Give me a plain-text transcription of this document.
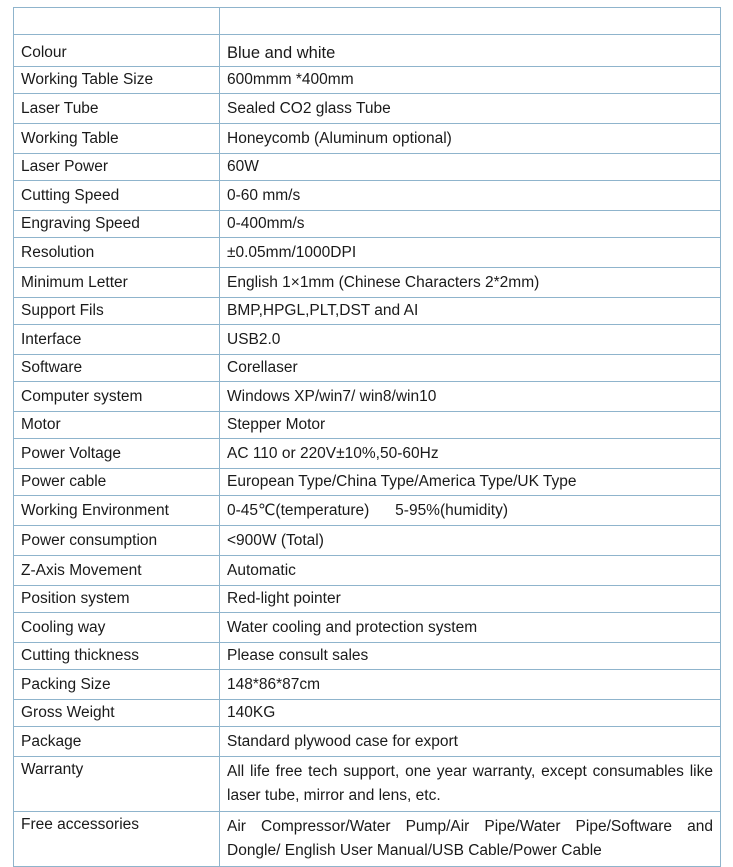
Colour	Blue and white
Working Table Size	600mmm *400mm
Laser Tube	Sealed CO2 glass Tube
Working Table	Honeycomb (Aluminum optional)
Laser Power	60W
Cutting Speed	0-60 mm/s
Engraving Speed	0-400mm/s
Resolution	±0.05mm/1000DPI
Minimum Letter	English 1×1mm (Chinese Characters 2*2mm)
Support Fils	BMP,HPGL,PLT,DST and AI
Interface	USB2.0
Software	Corellaser
Computer system	Windows XP/win7/ win8/win10
Motor	Stepper Motor
Power Voltage	AC 110 or 220V±10%,50-60Hz
Power cable	European Type/China Type/America Type/UK Type
Working Environment	0-45℃(temperature)      5-95%(humidity)
Power consumption	<900W (Total)
Z-Axis Movement	Automatic
Position system	Red-light pointer
Cooling way	Water cooling and protection system
Cutting thickness	Please consult sales
Packing Size	148*86*87cm
Gross Weight	140KG
Package	Standard plywood case for export
Warranty	All life free tech support, one year warranty, except consumables like laser tube, mirror and lens, etc.
Free accessories	Air Compressor/Water Pump/Air Pipe/Water Pipe/Software and Dongle/ English User Manual/USB Cable/Power Cable
